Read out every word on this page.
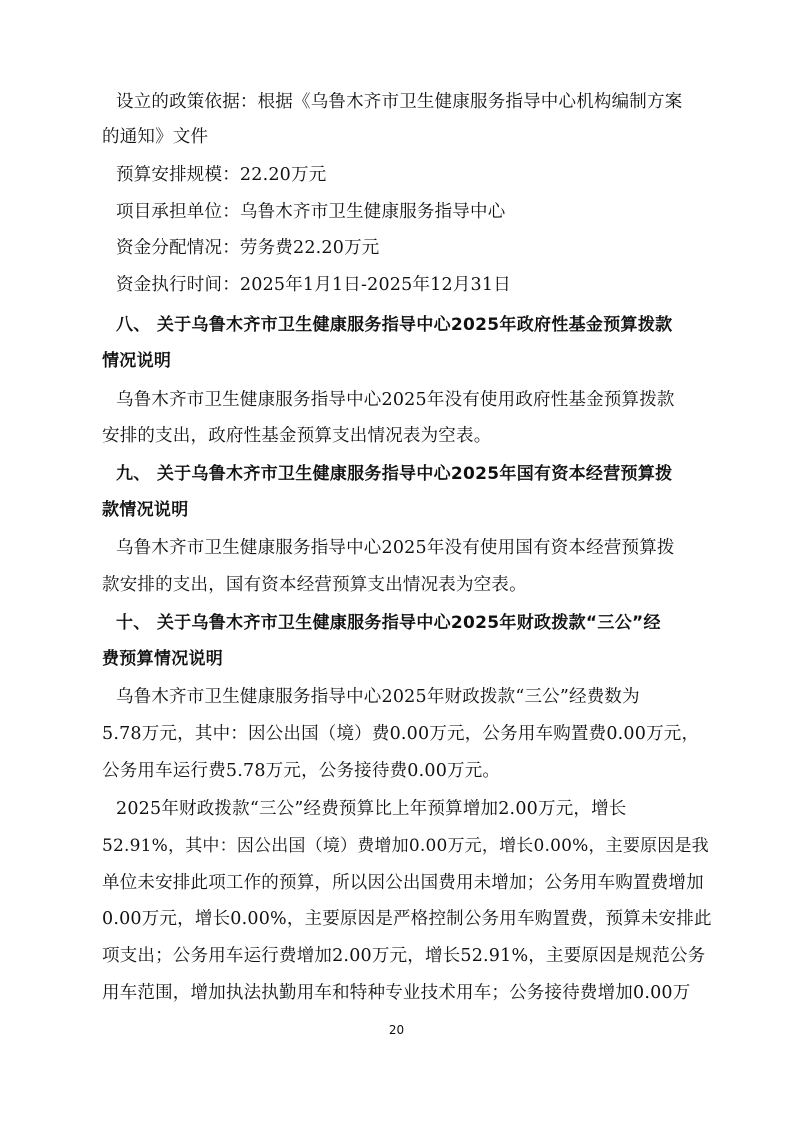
设立的政策依据：根据《乌鲁木齐市卫生健康服务指导中心机构编制方案
的通知》文件
预算安排规模：22.20万元
项目承担单位：乌鲁木齐市卫生健康服务指导中心
资金分配情况：劳务费22.20万元
资金执行时间：2025年1月1日-2025年12月31日
八、 关于乌鲁木齐市卫生健康服务指导中心2025年政府性基金预算拨款
情况说明
乌鲁木齐市卫生健康服务指导中心2025年没有使用政府性基金预算拨款
安排的支出，政府性基金预算支出情况表为空表。
九、 关于乌鲁木齐市卫生健康服务指导中心2025年国有资本经营预算拨
款情况说明
乌鲁木齐市卫生健康服务指导中心2025年没有使用国有资本经营预算拨
款安排的支出，国有资本经营预算支出情况表为空表。
十、 关于乌鲁木齐市卫生健康服务指导中心2025年财政拨款“三公”经
费预算情况说明
乌鲁木齐市卫生健康服务指导中心2025年财政拨款“三公”经费数为
5.78万元，其中：因公出国（境）费0.00万元，公务用车购置费0.00万元，
公务用车运行费5.78万元，公务接待费0.00万元。
2025年财政拨款“三公”经费预算比上年预算增加2.00万元，增长
52.91%，其中：因公出国（境）费增加0.00万元，增长0.00%，主要原因是我
单位未安排此项工作的预算，所以因公出国费用未增加；公务用车购置费增加
0.00万元，增长0.00%，主要原因是严格控制公务用车购置费，预算未安排此
项支出；公务用车运行费增加2.00万元，增长52.91%，主要原因是规范公务
用车范围，增加执法执勤用车和特种专业技术用车；公务接待费增加0.00万
20
